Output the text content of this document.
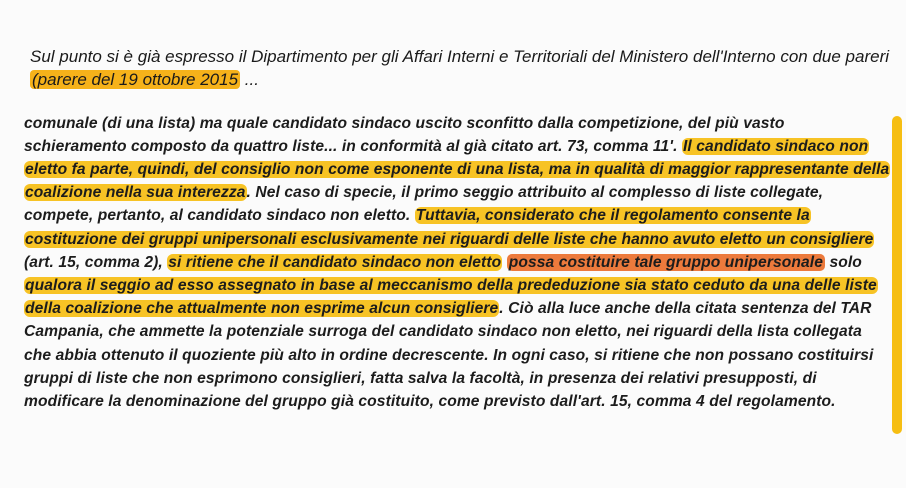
Sul punto si è già espresso il Dipartimento per gli Affari Interni e Territoriali del Ministero dell'Interno con due pareri (parere del 19 ottobre 2015 ...

comunale (di una lista) ma quale candidato sindaco uscito sconfitto dalla competizione, del più vasto schieramento composto da quattro liste... in conformità al già citato art. 73, comma 11'. Il candidato sindaco non eletto fa parte, quindi, del consiglio non come esponente di una lista, ma in qualità di maggior rappresentante della coalizione nella sua interezza. Nel caso di specie, il primo seggio attribuito al complesso di liste collegate, compete, pertanto, al candidato sindaco non eletto. Tuttavia, considerato che il regolamento consente la costituzione dei gruppi unipersonali esclusivamente nei riguardi delle liste che hanno avuto eletto un consigliere (art. 15, comma 2), si ritiene che il candidato sindaco non eletto possa costituire tale gruppo unipersonale solo qualora il seggio ad esso assegnato in base al meccanismo della prededuzione sia stato ceduto da una delle liste della coalizione che attualmente non esprime alcun consigliere. Ciò alla luce anche della citata sentenza del TAR Campania, che ammette la potenziale surroga del candidato sindaco non eletto, nei riguardi della lista collegata che abbia ottenuto il quoziente più alto in ordine decrescente. In ogni caso, si ritiene che non possano costituirsi gruppi di liste che non esprimono consiglieri, fatta salva la facoltà, in presenza dei relativi presupposti, di modificare la denominazione del gruppo già costituito, come previsto dall'art. 15, comma 4 del regolamento.
